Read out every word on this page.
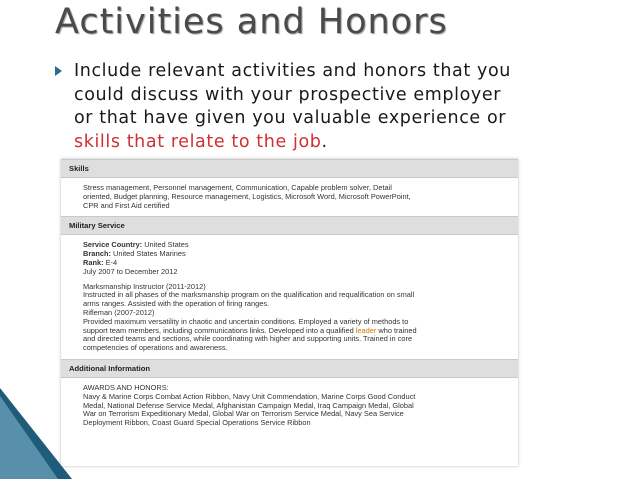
Activities and Honors
Include relevant activities and honors that you could discuss with your prospective employer or that have given you valuable experience or skills that relate to the job.
Skills
Stress management, Personnel management, Communication, Capable problem solver, Detail
oriented, Budget planning, Resource management, Logistics, Microsoft Word, Microsoft PowerPoint,
CPR and First Aid certified
Military Service
Service Country: United States
Branch: United States Marines
Rank: E-4
July 2007 to December 2012
Marksmanship Instructor (2011-2012)
Instructed in all phases of the marksmanship program on the qualification and requalification on small
arms ranges. Assisted with the operation of firing ranges.
Rifleman (2007-2012)
Provided maximum versatility in chaotic and uncertain conditions. Employed a variety of methods to
support team members, including communications links. Developed into a qualified leader who trained
and directed teams and sections, while coordinating with higher and supporting units. Trained in core
competencies of operations and awareness.
Additional Information
AWARDS AND HONORS:
Navy & Marine Corps Combat Action Ribbon, Navy Unit Commendation, Marine Corps Good Conduct
Medal, National Defense Service Medal, Afghanistan Campaign Medal, Iraq Campaign Medal, Global
War on Terrorism Expeditionary Medal, Global War on Terrorism Service Medal, Navy Sea Service
Deployment Ribbon, Coast Guard Special Operations Service Ribbon
